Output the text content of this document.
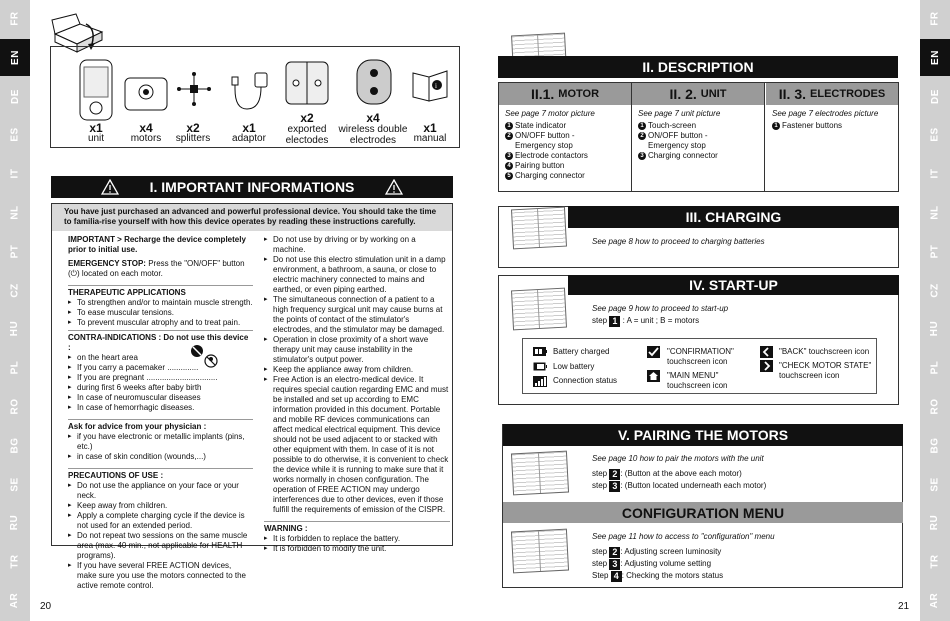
FR
EN
DE
ES
IT
NL
PT
CZ
HU
PL
RO
BG
SE
RU
TR
AR
FR
EN
DE
ES
IT
NL
PT
CZ
HU
PL
RO
BG
SE
RU
TR
AR
20	21
i
x1
unit
x4
motors
x2
splitters
x1
adaptor
x2
exported
electodes
x4
wireless double
electrodes
x1
manual
I. IMPORTANT INFORMATIONS
You have just purchased an advanced and powerful professional device. You should take the time to familia-rise yourself with how this device operates by reading these instructions carefully.
IMPORTANT > Recharge the device completely prior to initial use.
EMERGENCY STOP: Press the "ON/OFF" button (⏻) located on each motor.
THERAPEUTIC APPLICATIONS
▸ To strengthen and/or to maintain muscle strength.
▸ To ease muscular tensions.
▸ To prevent muscular atrophy and to treat pain.
CONTRA-INDICATIONS : Do not use this device :
▸ on the heart area
▸ If you carry a pacemaker ..............
▸ If you are pregnant ................................
▸ during first 6 weeks after baby birth
▸ In case of neuromuscular diseases
▸ In case of hemorrhagic diseases.
Ask for advice from your physician :
▸ if you have electronic or metallic implants (pins, etc.)
▸ in case of skin condition (wounds,...)
PRECAUTIONS OF USE :
▸ Do not use the appliance on your face or your neck.
▸ Keep away from children.
▸ Apply a complete charging cycle if the device is not used for an extended period.
▸ Do not repeat two sessions on the same muscle area (max. 40 min., not applicable for HEALTH programs).
▸ If you have several FREE ACTION devices, make sure you use the motors connected to the active remote control.
▸ Do not use by driving or by working on a machine.
▸ Do not use this electro stimulation unit in a damp environment, a bathroom, a sauna, or close to electric machinery connected to mains and earthed, or even piping earthed.
▸ The simultaneous connection of a patient to a high frequency surgical unit may cause burns at the points of contact of the stimulator's electrodes, and the stimulator may be damaged.
▸ Operation in close proximity of a short wave therapy unit may cause instability in the stimulator's output power.
▸ Keep the appliance away from children.
▸ Free Action is an electro-medical device. It requires special caution regarding EMC and must be installed and set up according to EMC information provided in this document. Portable and mobile RF devices communications can affect medical electrical equipment. This device should not be used adjacent to or stacked with other equipment with them. In case of it is not possible to do otherwise, it is convenient to check the device while it is running to make sure that it works normally in chosen configuration. The operation of FREE ACTION may undergo interferences due to other devices, even if those fulfill the requirements of emission of the CISPR.
WARNING :
▸ It is forbidden to replace the battery.
▸ It is forbidden to modify the unit.
II. DESCRIPTION
II.1. MOTOR
See page 7 motor picture
1 State indicator
2 ON/OFF button -
Emergency stop
3 Electrode contactors
4 Pairing button
5 Charging connector
II. 2. UNIT
See page 7 unit picture
1 Touch-screen
2 ON/OFF button -
Emergency stop
3 Charging connector
II. 3. ELECTRODES
See page 7 electrodes picture
1 Fastener buttons
III. CHARGING
See page 8 how to proceed to charging batteries
IV. START-UP
See page 9 how to proceed to start-up
step 1 : A = unit ; B = motors
Battery charged
Low battery
Connection status
"CONFIRMATION"
touchscreen icon
"MAIN MENU"
touchscreen icon
"BACK" touchscreen icon
"CHECK MOTOR STATE"
touchscreen icon
V. PAIRING THE MOTORS
See page 10 how to pair the motors with the unit
step 2 : (Button at the above each motor)
step 3 : (Button located underneath each motor)
CONFIGURATION MENU
See page 11 how to access to "configuration" menu
step 2 : Adjusting screen luminosity
step 3 : Adjusting volume setting
Step 4 : Checking the motors status
